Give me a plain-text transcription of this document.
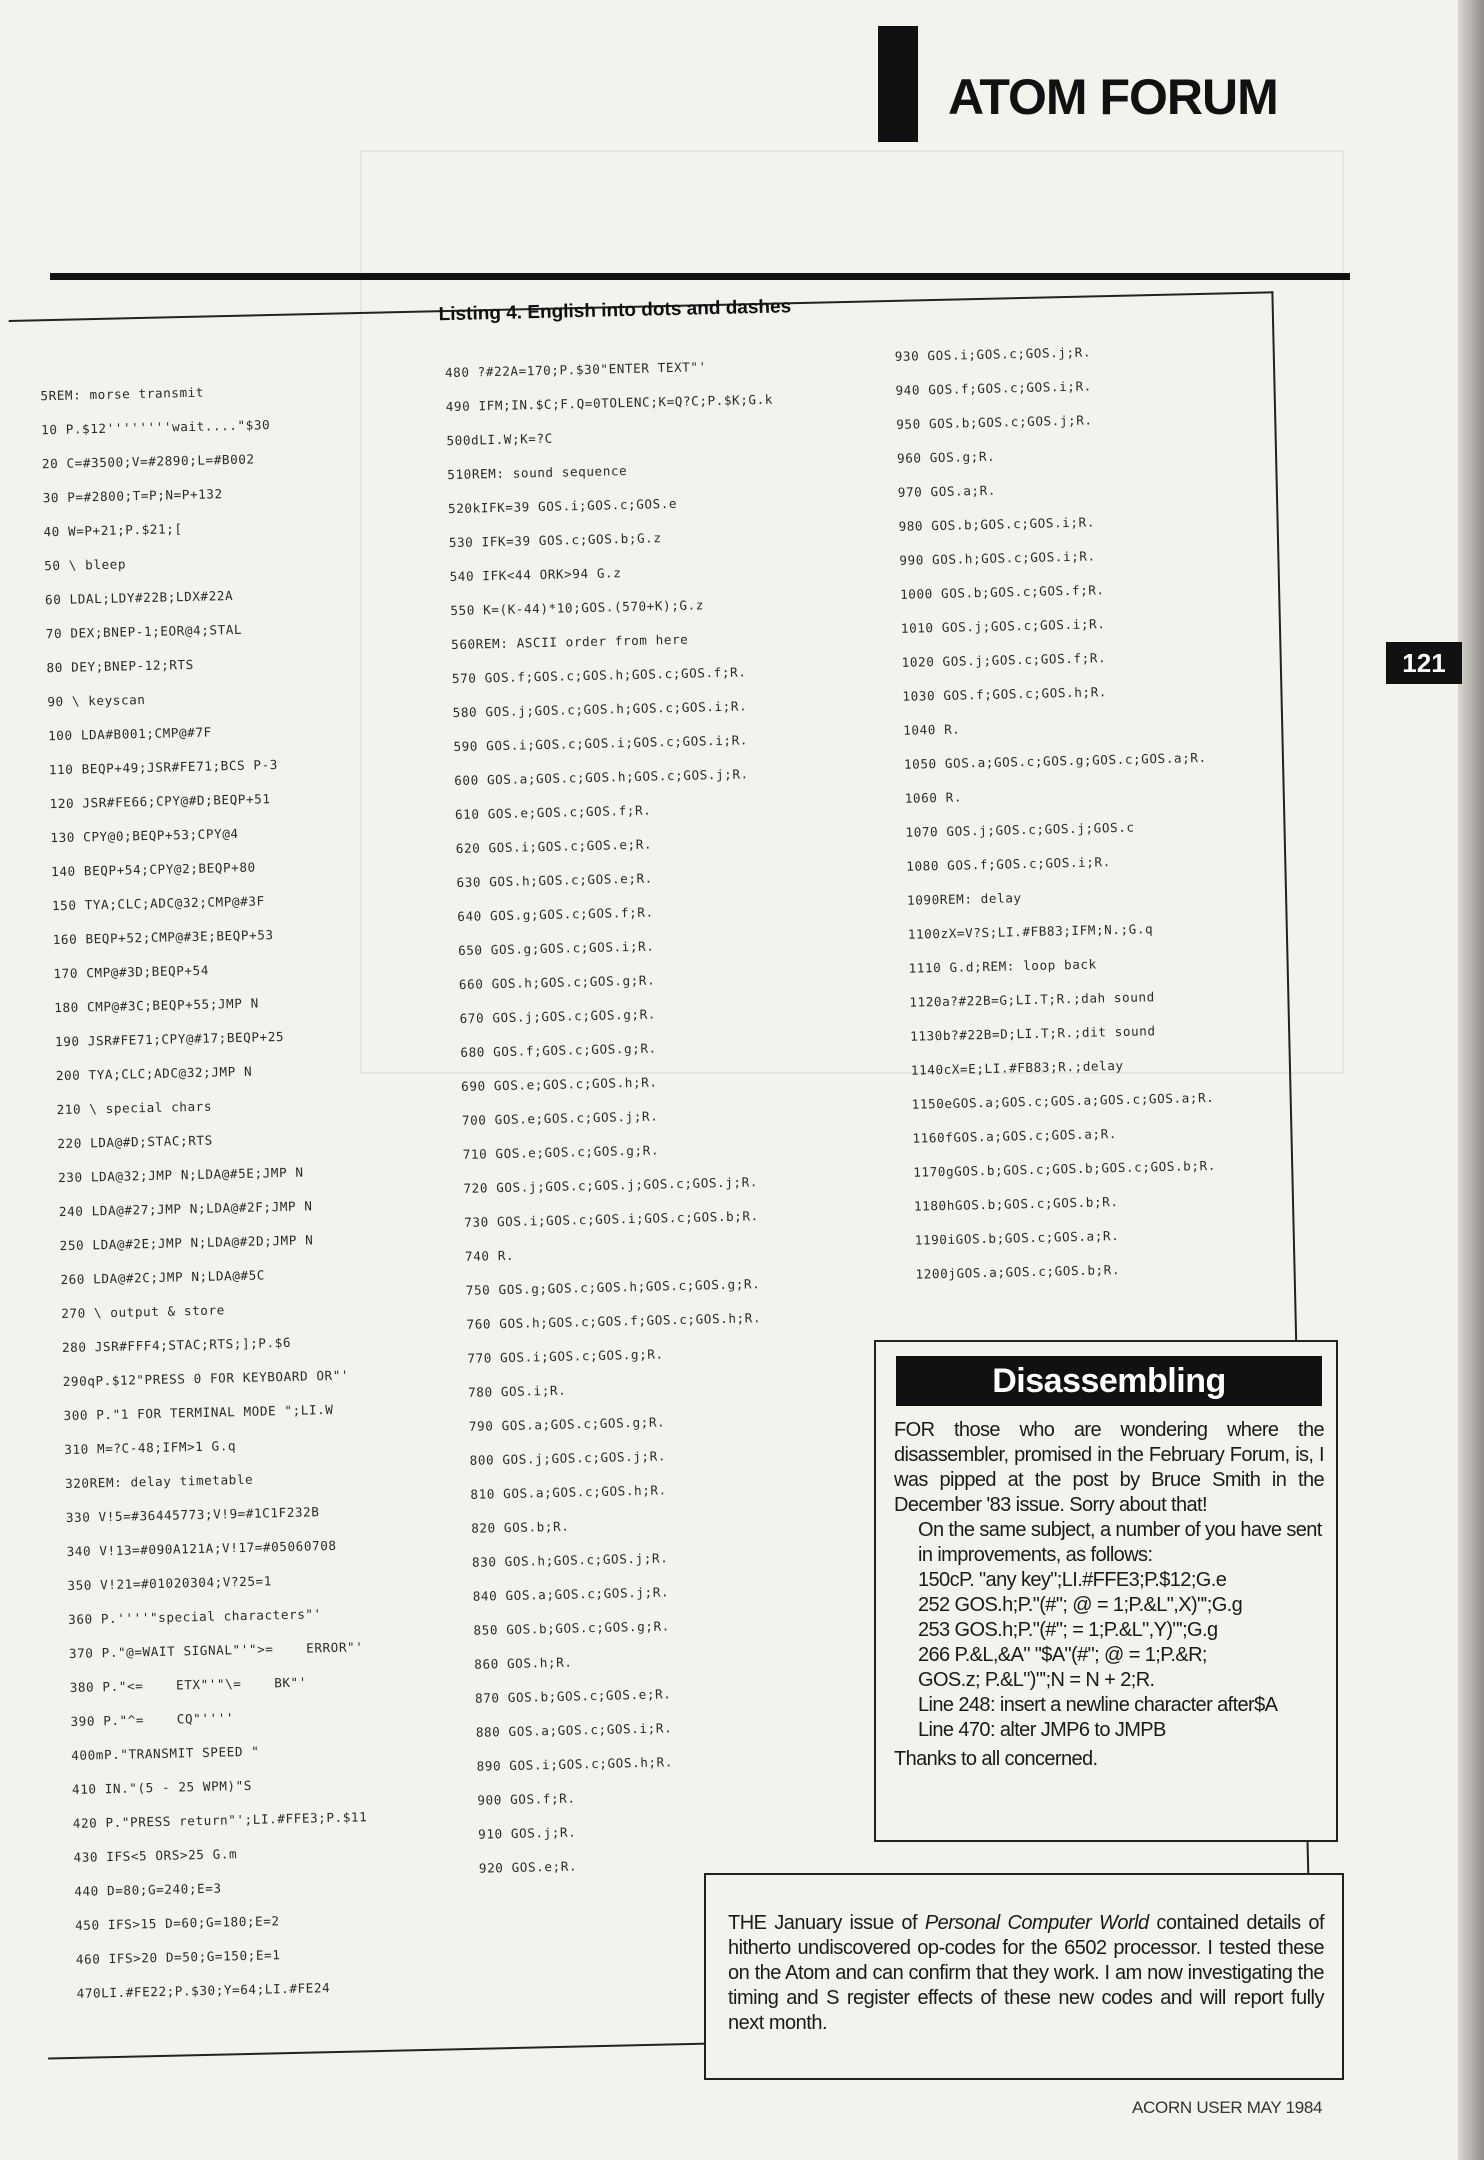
ATOM FORUM
121
Listing 4. English into dots and dashes
5REM: morse transmit
10 P.$12''''''''wait...."$30
20 C=#3500;V=#2890;L=#B002
30 P=#2800;T=P;N=P+132
40 W=P+21;P.$21;[
50 \ bleep
60 LDAL;LDY#22B;LDX#22A
70 DEX;BNEP-1;EOR@4;STAL
80 DEY;BNEP-12;RTS
90 \ keyscan
100 LDA#B001;CMP@#7F
110 BEQP+49;JSR#FE71;BCS P-3
120 JSR#FE66;CPY@#D;BEQP+51
130 CPY@0;BEQP+53;CPY@4
140 BEQP+54;CPY@2;BEQP+80
150 TYA;CLC;ADC@32;CMP@#3F
160 BEQP+52;CMP@#3E;BEQP+53
170 CMP@#3D;BEQP+54
180 CMP@#3C;BEQP+55;JMP N
190 JSR#FE71;CPY@#17;BEQP+25
200 TYA;CLC;ADC@32;JMP N
210 \ special chars
220 LDA@#D;STAC;RTS
230 LDA@32;JMP N;LDA@#5E;JMP N
240 LDA@#27;JMP N;LDA@#2F;JMP N
250 LDA@#2E;JMP N;LDA@#2D;JMP N
260 LDA@#2C;JMP N;LDA@#5C
270 \ output & store
280 JSR#FFF4;STAC;RTS;];P.$6
290qP.$12"PRESS 0 FOR KEYBOARD OR"'
300 P."1 FOR TERMINAL MODE ";LI.W
310 M=?C-48;IFM>1 G.q
320REM: delay timetable
330 V!5=#36445773;V!9=#1C1F232B
340 V!13=#090A121A;V!17=#05060708
350 V!21=#01020304;V?25=1
360 P.''''"special characters"'
370 P."@=WAIT SIGNAL"'">=    ERROR"'
380 P."<=    ETX"'"\=    BK"'
390 P."^=    CQ"''''
400mP."TRANSMIT SPEED "
410 IN."(5 - 25 WPM)"S
420 P."PRESS return"';LI.#FFE3;P.$11
430 IFS<5 ORS>25 G.m
440 D=80;G=240;E=3
450 IFS>15 D=60;G=180;E=2
460 IFS>20 D=50;G=150;E=1
470LI.#FE22;P.$30;Y=64;LI.#FE24
480 ?#22A=170;P.$30"ENTER TEXT"'
490 IFM;IN.$C;F.Q=0TOLENC;K=Q?C;P.$K;G.k
500dLI.W;K=?C
510REM: sound sequence
520kIFK=39 GOS.i;GOS.c;GOS.e
530 IFK=39 GOS.c;GOS.b;G.z
540 IFK<44 ORK>94 G.z
550 K=(K-44)*10;GOS.(570+K);G.z
560REM: ASCII order from here
570 GOS.f;GOS.c;GOS.h;GOS.c;GOS.f;R.
580 GOS.j;GOS.c;GOS.h;GOS.c;GOS.i;R.
590 GOS.i;GOS.c;GOS.i;GOS.c;GOS.i;R.
600 GOS.a;GOS.c;GOS.h;GOS.c;GOS.j;R.
610 GOS.e;GOS.c;GOS.f;R.
620 GOS.i;GOS.c;GOS.e;R.
630 GOS.h;GOS.c;GOS.e;R.
640 GOS.g;GOS.c;GOS.f;R.
650 GOS.g;GOS.c;GOS.i;R.
660 GOS.h;GOS.c;GOS.g;R.
670 GOS.j;GOS.c;GOS.g;R.
680 GOS.f;GOS.c;GOS.g;R.
690 GOS.e;GOS.c;GOS.h;R.
700 GOS.e;GOS.c;GOS.j;R.
710 GOS.e;GOS.c;GOS.g;R.
720 GOS.j;GOS.c;GOS.j;GOS.c;GOS.j;R.
730 GOS.i;GOS.c;GOS.i;GOS.c;GOS.b;R.
740 R.
750 GOS.g;GOS.c;GOS.h;GOS.c;GOS.g;R.
760 GOS.h;GOS.c;GOS.f;GOS.c;GOS.h;R.
770 GOS.i;GOS.c;GOS.g;R.
780 GOS.i;R.
790 GOS.a;GOS.c;GOS.g;R.
800 GOS.j;GOS.c;GOS.j;R.
810 GOS.a;GOS.c;GOS.h;R.
820 GOS.b;R.
830 GOS.h;GOS.c;GOS.j;R.
840 GOS.a;GOS.c;GOS.j;R.
850 GOS.b;GOS.c;GOS.g;R.
860 GOS.h;R.
870 GOS.b;GOS.c;GOS.e;R.
880 GOS.a;GOS.c;GOS.i;R.
890 GOS.i;GOS.c;GOS.h;R.
900 GOS.f;R.
910 GOS.j;R.
920 GOS.e;R.
930 GOS.i;GOS.c;GOS.j;R.
940 GOS.f;GOS.c;GOS.i;R.
950 GOS.b;GOS.c;GOS.j;R.
960 GOS.g;R.
970 GOS.a;R.
980 GOS.b;GOS.c;GOS.i;R.
990 GOS.h;GOS.c;GOS.i;R.
1000 GOS.b;GOS.c;GOS.f;R.
1010 GOS.j;GOS.c;GOS.i;R.
1020 GOS.j;GOS.c;GOS.f;R.
1030 GOS.f;GOS.c;GOS.h;R.
1040 R.
1050 GOS.a;GOS.c;GOS.g;GOS.c;GOS.a;R.
1060 R.
1070 GOS.j;GOS.c;GOS.j;GOS.c
1080 GOS.f;GOS.c;GOS.i;R.
1090REM: delay
1100zX=V?S;LI.#FB83;IFM;N.;G.q
1110 G.d;REM: loop back
1120a?#22B=G;LI.T;R.;dah sound
1130b?#22B=D;LI.T;R.;dit sound
1140cX=E;LI.#FB83;R.;delay
1150eGOS.a;GOS.c;GOS.a;GOS.c;GOS.a;R.
1160fGOS.a;GOS.c;GOS.a;R.
1170gGOS.b;GOS.c;GOS.b;GOS.c;GOS.b;R.
1180hGOS.b;GOS.c;GOS.b;R.
1190iGOS.b;GOS.c;GOS.a;R.
1200jGOS.a;GOS.c;GOS.b;R.
Disassembling
FOR those who are wondering where the disassembler, promised in the February Forum, is, I was pipped at the post by Bruce Smith in the December '83 issue. Sorry about that!
On the same subject, a number of you have sent in improvements, as follows:
150cP. "any key";LI.#FFE3;P.$12;G.e
252 GOS.h;P."(#"; @ = 1;P.&L",X)"';G.g
253 GOS.h;P."(#"; = 1;P.&L",Y)"';G.g
266 P.&L,&A" "$A"(#"; @ = 1;P.&R;
GOS.z; P.&L")"';N = N + 2;R.
Line 248: insert a newline character after$A
Line 470: alter JMP6 to JMPB
Thanks to all concerned.
THE January issue of Personal Computer World contained details of hitherto undiscovered op-codes for the 6502 processor. I tested these on the Atom and can confirm that they work. I am now investigating the timing and S register effects of these new codes and will report fully next month.
ACORN USER MAY 1984
